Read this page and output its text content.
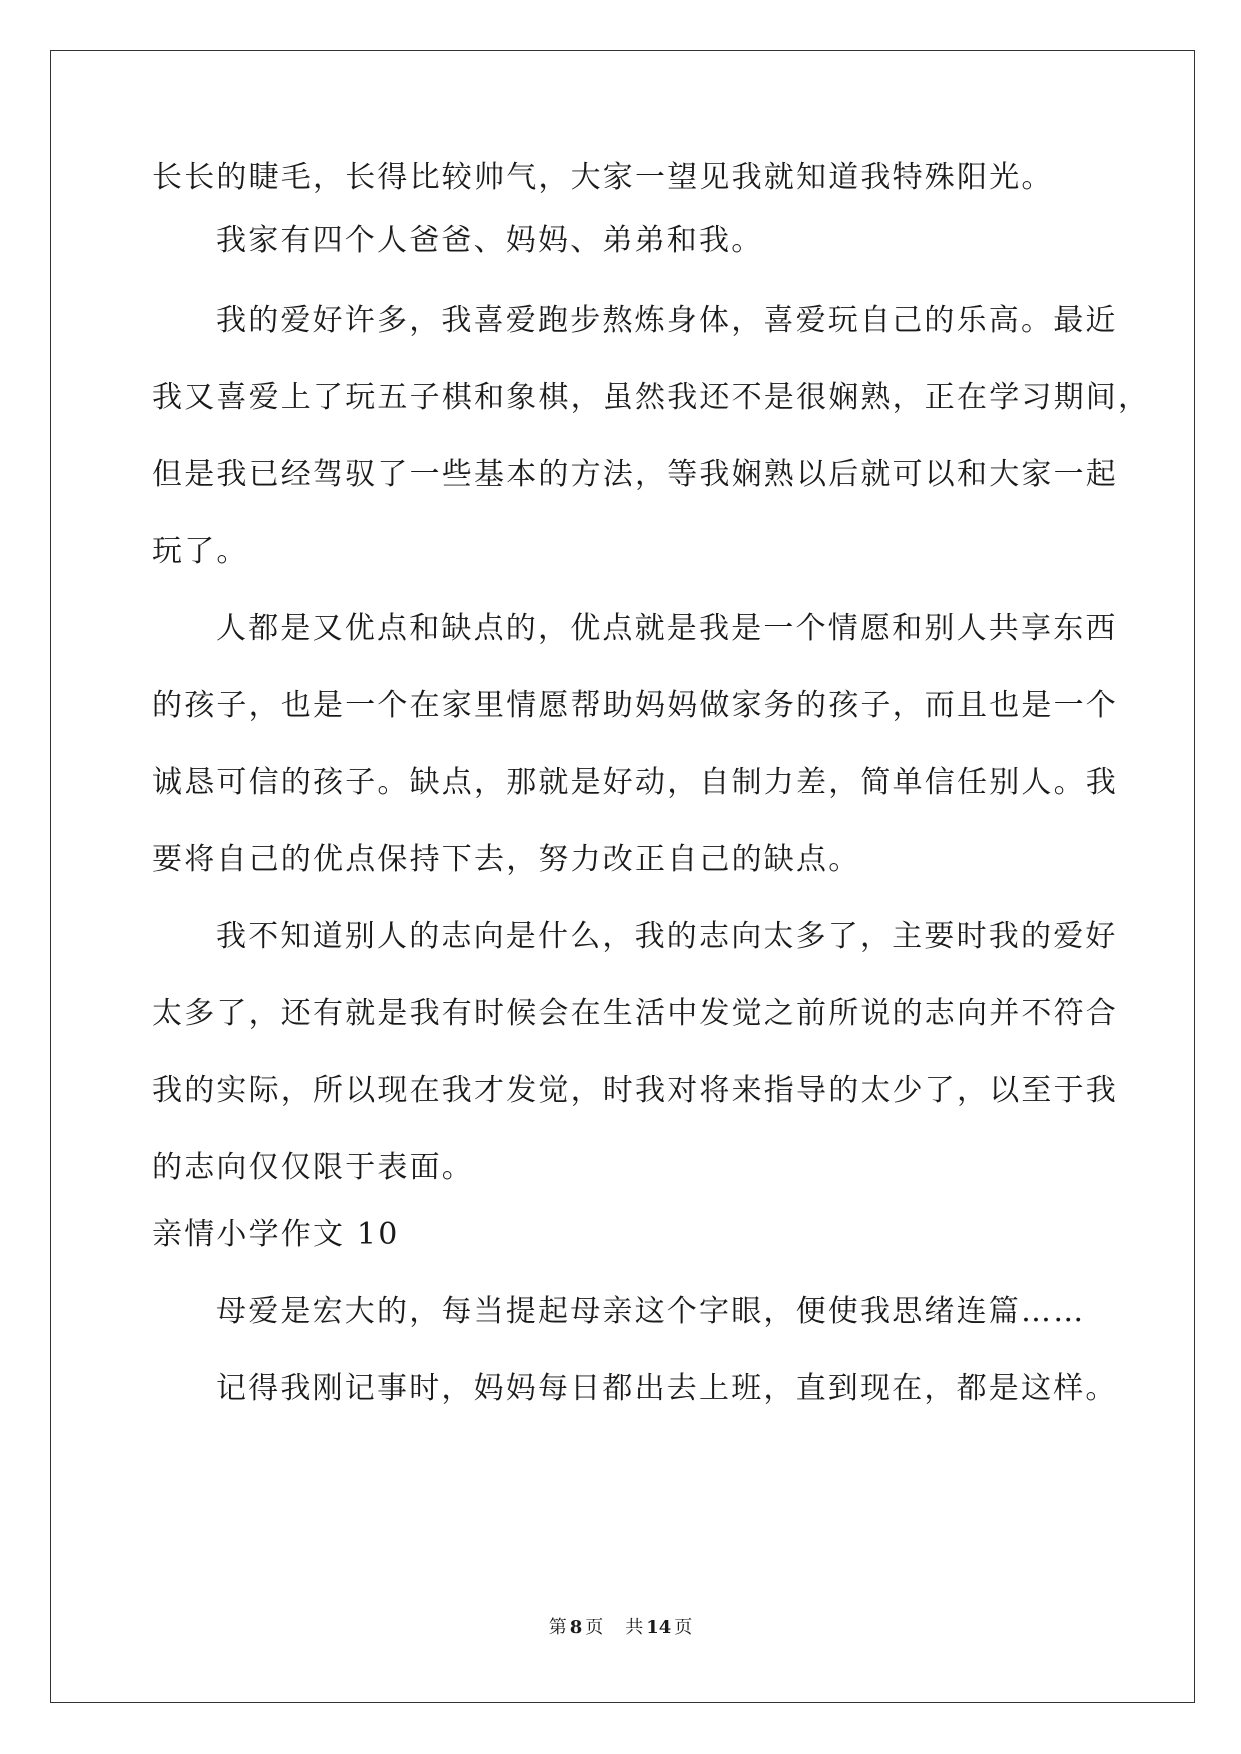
长长的睫毛，长得比较帅气，大家一望见我就知道我特殊阳光。
我家有四个人爸爸、妈妈、弟弟和我。
我的爱好许多，我喜爱跑步熬炼身体，喜爱玩自己的乐高。最近
我又喜爱上了玩五子棋和象棋，虽然我还不是很娴熟，正在学习期间，
但是我已经驾驭了一些基本的方法，等我娴熟以后就可以和大家一起
玩了。
人都是又优点和缺点的，优点就是我是一个情愿和别人共享东西
的孩子，也是一个在家里情愿帮助妈妈做家务的孩子，而且也是一个
诚恳可信的孩子。缺点，那就是好动，自制力差，简单信任别人。我
要将自己的优点保持下去，努力改正自己的缺点。
我不知道别人的志向是什么，我的志向太多了，主要时我的爱好
太多了，还有就是我有时候会在生活中发觉之前所说的志向并不符合
我的实际，所以现在我才发觉，时我对将来指导的太少了，以至于我
的志向仅仅限于表面。
亲情小学作文 10
母爱是宏大的，每当提起母亲这个字眼，便使我思绪连篇……
记得我刚记事时，妈妈每日都出去上班，直到现在，都是这样。
第 8 页 共 14 页
